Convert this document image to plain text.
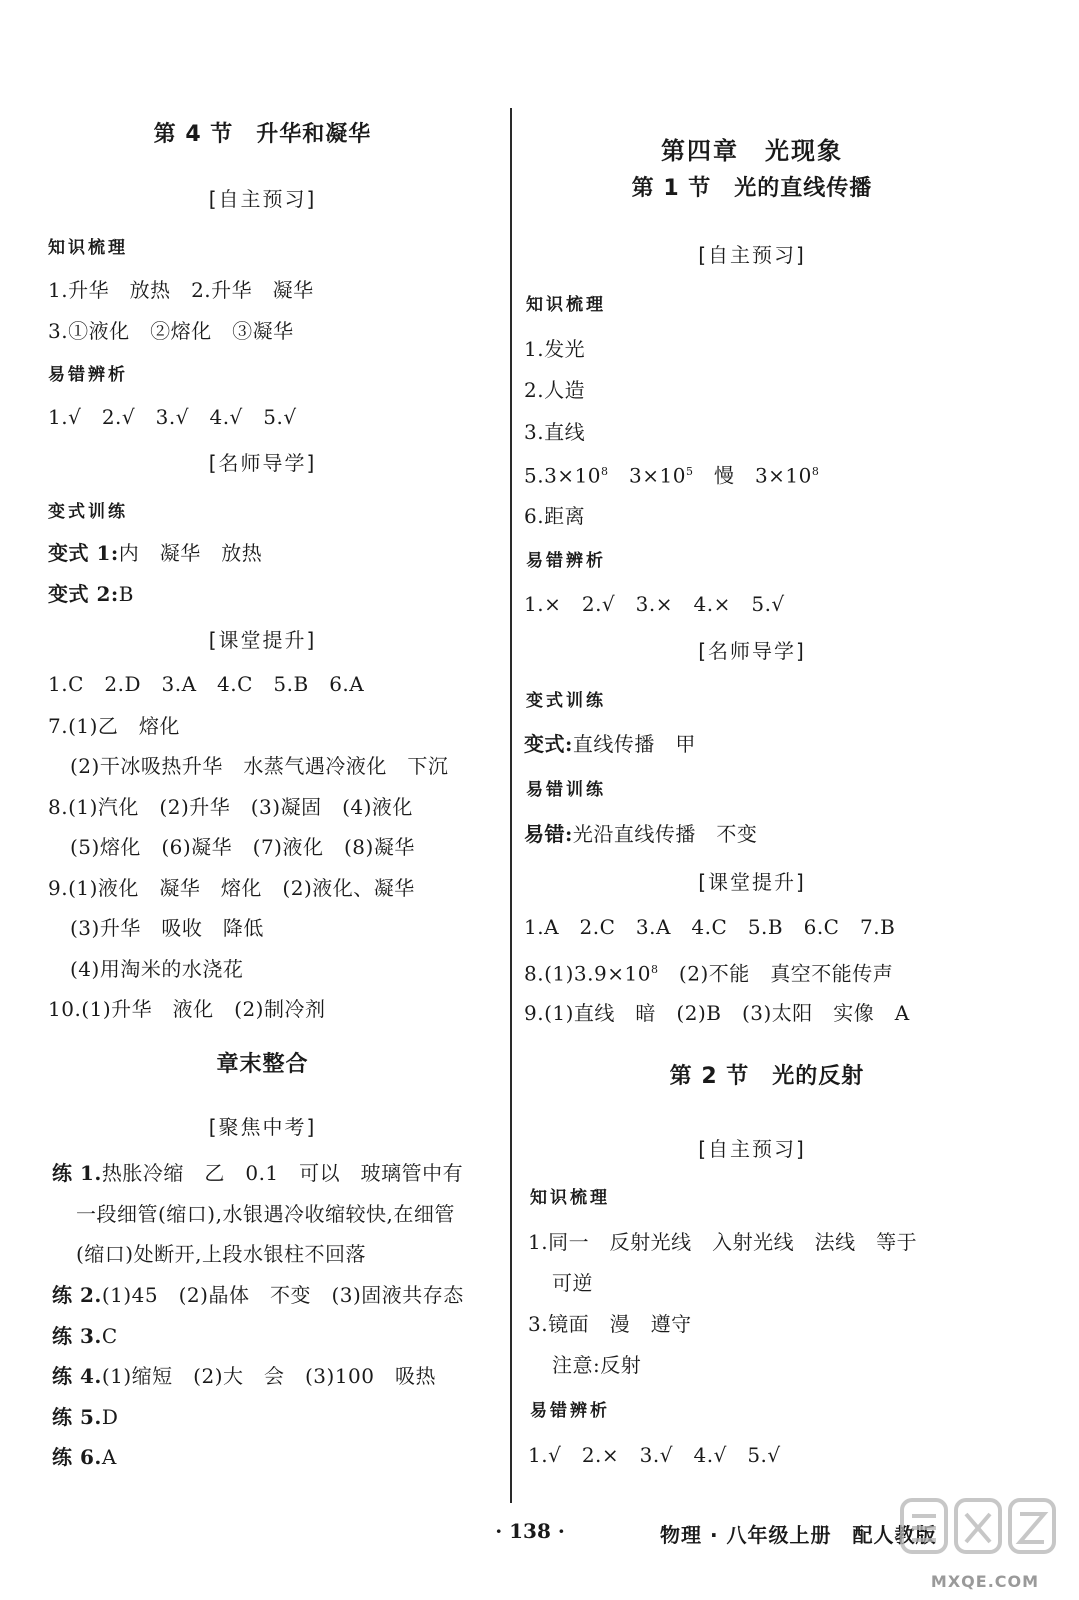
第 4 节　升华和凝华
[自主预习]
知识梳理
1.升华　放热　2.升华　凝华
3.①液化　②熔化　③凝华
易错辨析
1.√　2.√　3.√　4.√　5.√
[名师导学]
变式训练
变式 1:内　凝华　放热
变式 2:B
[课堂提升]
1.C　2.D　3.A　4.C　5.B　6.A
7.(1)乙　熔化
(2)干冰吸热升华　水蒸气遇冷液化　下沉
8.(1)汽化　(2)升华　(3)凝固　(4)液化
(5)熔化　(6)凝华　(7)液化　(8)凝华
9.(1)液化　凝华　熔化　(2)液化、凝华
(3)升华　吸收　降低
(4)用淘米的水浇花
10.(1)升华　液化　(2)制冷剂
章末整合
[聚焦中考]
练 1.热胀冷缩　乙　0.1　可以　玻璃管中有
一段细管(缩口),水银遇冷收缩较快,在细管
(缩口)处断开,上段水银柱不回落
练 2.(1)45　(2)晶体　不变　(3)固液共存态
练 3.C
练 4.(1)缩短　(2)大　会　(3)100　吸热
练 5.D
练 6.A
第四章　光现象
第 1 节　光的直线传播
[自主预习]
知识梳理
1.发光
2.人造
3.直线
$5.3\times 10^8$　$3\times 10^5$　慢　$3\times 10^8$
6.距离
易错辨析
1.×　2.√　3.×　4.×　5.√
[名师导学]
变式训练
变式:直线传播　甲
易错训练
易错:光沿直线传播　不变
[课堂提升]
1.A　2.C　3.A　4.C　5.B　6.C　7.B
$8.(1)3.9\times 10^8$　(2)不能　真空不能传声
9.(1)直线　暗　(2)B　(3)太阳　实像　A
第 2 节　光的反射
[自主预习]
知识梳理
1.同一　反射光线　入射光线　法线　等于
可逆
3.镜面　漫　遵守
注意:反射
易错辨析
1.√　2.×　3.√　4.√　5.√
· 138 ·	物理 · 八年级上册　配人教版
MXQE.COM
